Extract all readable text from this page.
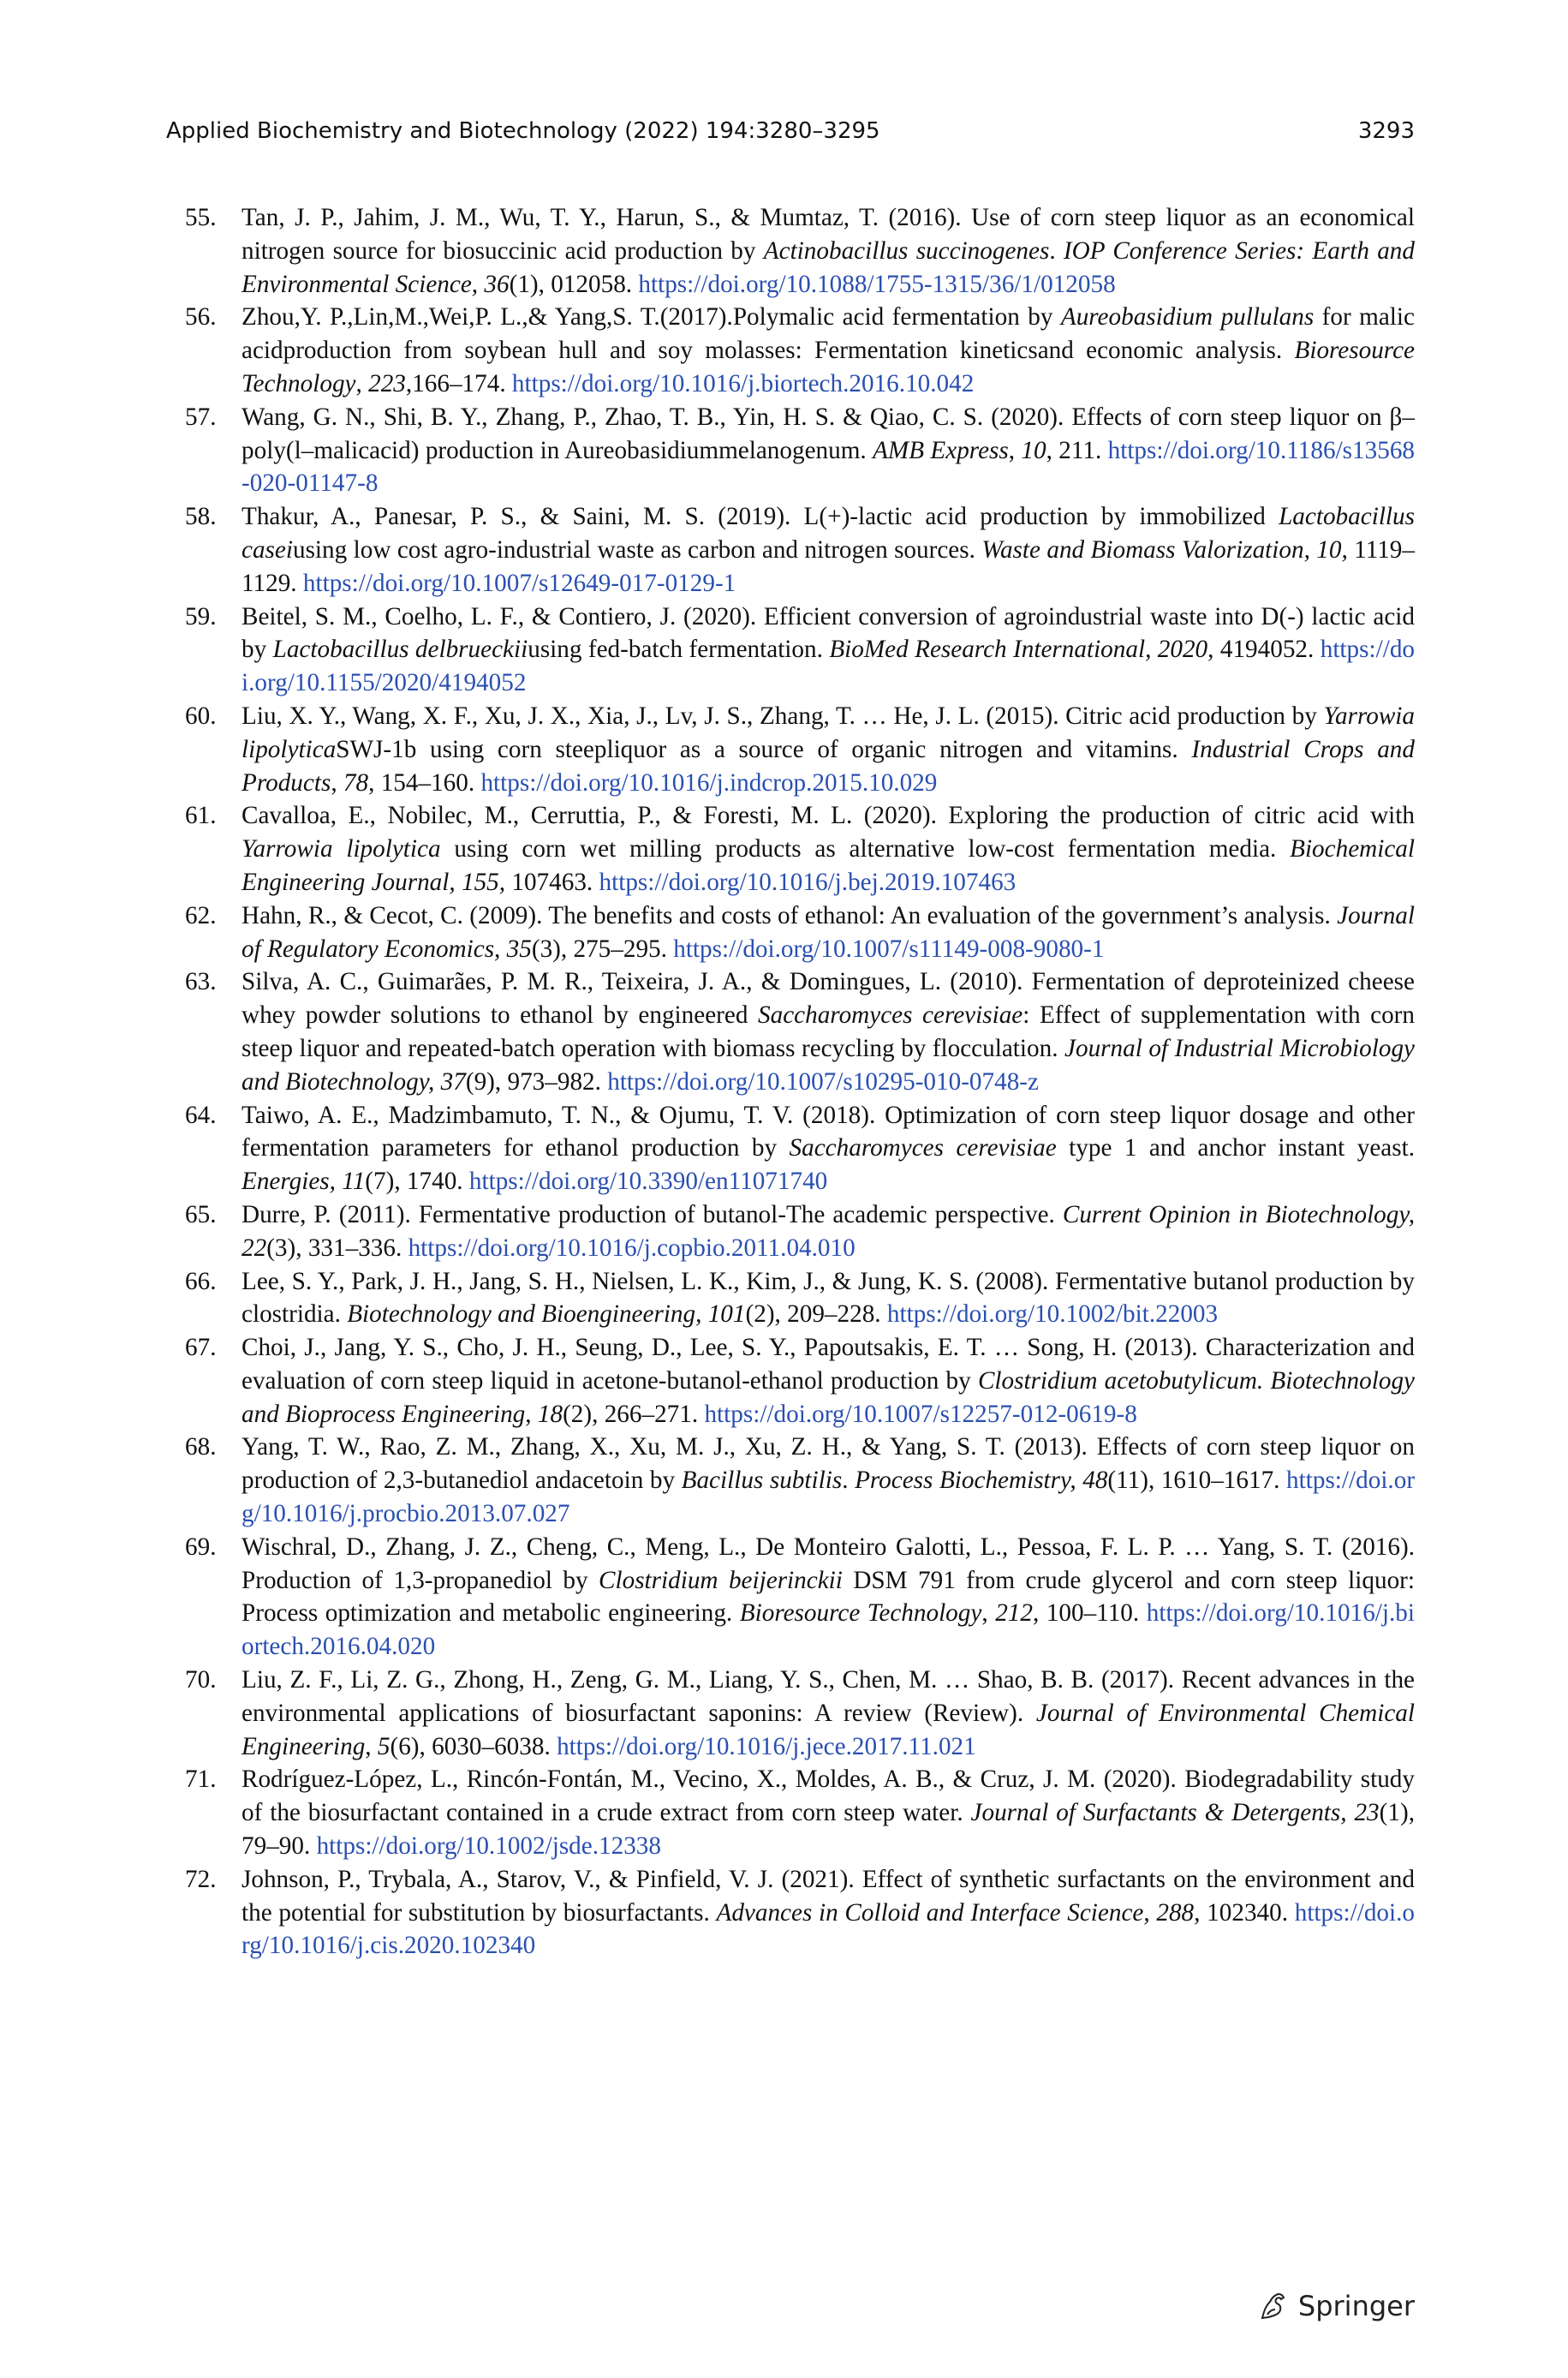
Applied Biochemistry and Biotechnology (2022) 194:3280–3295	3293
55. Tan, J. P., Jahim, J. M., Wu, T. Y., Harun, S., & Mumtaz, T. (2016). Use of corn steep liquor as an economical nitrogen source for biosuccinic acid production by Actinobacillus succinogenes. IOP Conference Series: Earth and Environmental Science, 36(1), 012058. https://doi.org/10.1088/1755-1315/36/1/012058
56. Zhou,Y. P.,Lin,M.,Wei,P. L.,& Yang,S. T.(2017).Polymalic acid fermentation by Aureobasidium pullulans for malic acidproduction from soybean hull and soy molasses: Fermentation kineticsand economic analysis. Bioresource Technology, 223,166–174. https://doi.org/10.1016/j.biortech.2016.10.042
57. Wang, G. N., Shi, B. Y., Zhang, P., Zhao, T. B., Yin, H. S. & Qiao, C. S. (2020). Effects of corn steep liquor on β–poly(l–malicacid) production in Aureobasidiummelanogenum. AMB Express, 10, 211. https://doi.org/10.1186/s13568-020-01147-8
58. Thakur, A., Panesar, P. S., & Saini, M. S. (2019). L(+)-lactic acid production by immobilized Lactobacillus caseiusing low cost agro-industrial waste as carbon and nitrogen sources. Waste and Biomass Valorization, 10, 1119–1129. https://doi.org/10.1007/s12649-017-0129-1
59. Beitel, S. M., Coelho, L. F., & Contiero, J. (2020). Efficient conversion of agroindustrial waste into D(-) lactic acid by Lactobacillus delbrueckiiusing fed-batch fermentation. BioMed Research International, 2020, 4194052. https://doi.org/10.1155/2020/4194052
60. Liu, X. Y., Wang, X. F., Xu, J. X., Xia, J., Lv, J. S., Zhang, T. … He, J. L. (2015). Citric acid production by Yarrowia lipolyticaSWJ-1b using corn steepliquor as a source of organic nitrogen and vitamins. Industrial Crops and Products, 78, 154–160. https://doi.org/10.1016/j.indcrop.2015.10.029
61. Cavalloa, E., Nobilec, M., Cerruttia, P., & Foresti, M. L. (2020). Exploring the production of citric acid with Yarrowia lipolytica using corn wet milling products as alternative low-cost fermentation media. Biochemical Engineering Journal, 155, 107463. https://doi.org/10.1016/j.bej.2019.107463
62. Hahn, R., & Cecot, C. (2009). The benefits and costs of ethanol: An evaluation of the government’s analysis. Journal of Regulatory Economics, 35(3), 275–295. https://doi.org/10.1007/s11149-008-9080-1
63. Silva, A. C., Guimarães, P. M. R., Teixeira, J. A., & Domingues, L. (2010). Fermentation of deproteinized cheese whey powder solutions to ethanol by engineered Saccharomyces cerevisiae: Effect of supplementation with corn steep liquor and repeated-batch operation with biomass recycling by flocculation. Journal of Industrial Microbiology and Biotechnology, 37(9), 973–982. https://doi.org/10.1007/s10295-010-0748-z
64. Taiwo, A. E., Madzimbamuto, T. N., & Ojumu, T. V. (2018). Optimization of corn steep liquor dosage and other fermentation parameters for ethanol production by Saccharomyces cerevisiae type 1 and anchor instant yeast. Energies, 11(7), 1740. https://doi.org/10.3390/en11071740
65. Durre, P. (2011). Fermentative production of butanol-The academic perspective. Current Opinion in Biotechnology, 22(3), 331–336. https://doi.org/10.1016/j.copbio.2011.04.010
66. Lee, S. Y., Park, J. H., Jang, S. H., Nielsen, L. K., Kim, J., & Jung, K. S. (2008). Fermentative butanol production by clostridia. Biotechnology and Bioengineering, 101(2), 209–228. https://doi.org/10.1002/bit.22003
67. Choi, J., Jang, Y. S., Cho, J. H., Seung, D., Lee, S. Y., Papoutsakis, E. T. … Song, H. (2013). Characterization and evaluation of corn steep liquid in acetone-butanol-ethanol production by Clostridium acetobutylicum. Biotechnology and Bioprocess Engineering, 18(2), 266–271. https://doi.org/10.1007/s12257-012-0619-8
68. Yang, T. W., Rao, Z. M., Zhang, X., Xu, M. J., Xu, Z. H., & Yang, S. T. (2013). Effects of corn steep liquor on production of 2,3-butanediol andacetoin by Bacillus subtilis. Process Biochemistry, 48(11), 1610–1617. https://doi.org/10.1016/j.procbio.2013.07.027
69. Wischral, D., Zhang, J. Z., Cheng, C., Meng, L., De Monteiro Galotti, L., Pessoa, F. L. P. … Yang, S. T. (2016). Production of 1,3-propanediol by Clostridium beijerinckii DSM 791 from crude glycerol and corn steep liquor: Process optimization and metabolic engineering. Bioresource Technology, 212, 100–110. https://doi.org/10.1016/j.biortech.2016.04.020
70. Liu, Z. F., Li, Z. G., Zhong, H., Zeng, G. M., Liang, Y. S., Chen, M. … Shao, B. B. (2017). Recent advances in the environmental applications of biosurfactant saponins: A review (Review). Journal of Environmental Chemical Engineering, 5(6), 6030–6038. https://doi.org/10.1016/j.jece.2017.11.021
71. Rodríguez-López, L., Rincón-Fontán, M., Vecino, X., Moldes, A. B., & Cruz, J. M. (2020). Biodegradability study of the biosurfactant contained in a crude extract from corn steep water. Journal of Surfactants & Detergents, 23(1), 79–90. https://doi.org/10.1002/jsde.12338
72. Johnson, P., Trybala, A., Starov, V., & Pinfield, V. J. (2021). Effect of synthetic surfactants on the environment and the potential for substitution by biosurfactants. Advances in Colloid and Interface Science, 288, 102340. https://doi.org/10.1016/j.cis.2020.102340
Springer
